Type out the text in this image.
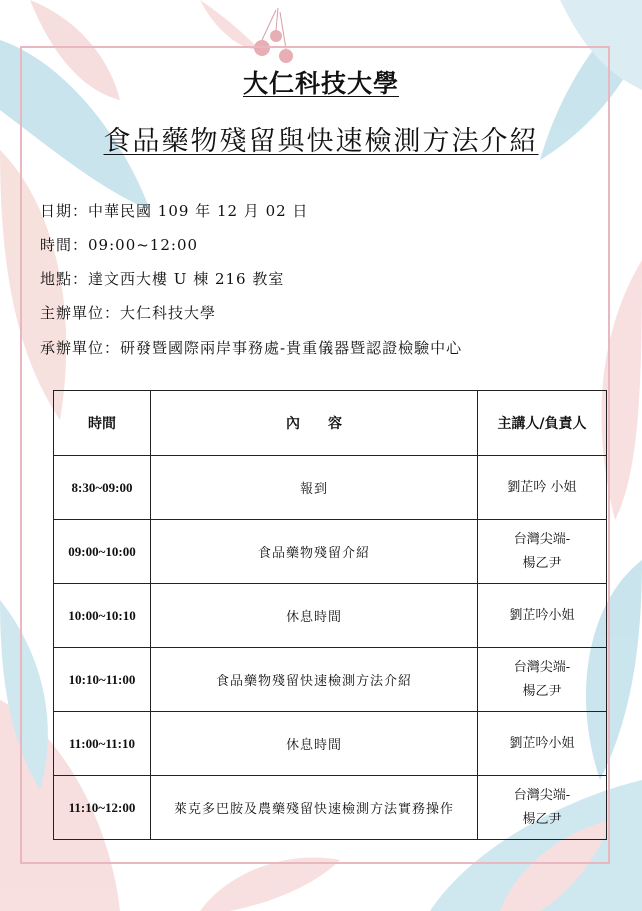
大仁科技大學
食品藥物殘留與快速檢測方法介紹
日期：中華民國 109 年 12 月 02 日
時間：09:00~12:00
地點：達文西大樓 U 棟 216 教室
主辦單位：大仁科技大學
承辦單位：研發暨國際兩岸事務處-貴重儀器暨認證檢驗中心
時間	內　　容	主講人/負責人
8:30~09:00	報到	劉芷吟 小姐

09:00~10:00	食品藥物殘留介紹	台灣尖端-
楊乙尹

10:00~10:10	休息時間	劉芷吟小姐

10:10~11:00	食品藥物殘留快速檢測方法介紹	台灣尖端-
楊乙尹

11:00~11:10	休息時間	劉芷吟小姐

11:10~12:00	萊克多巴胺及農藥殘留快速檢測方法實務操作	台灣尖端-
楊乙尹
